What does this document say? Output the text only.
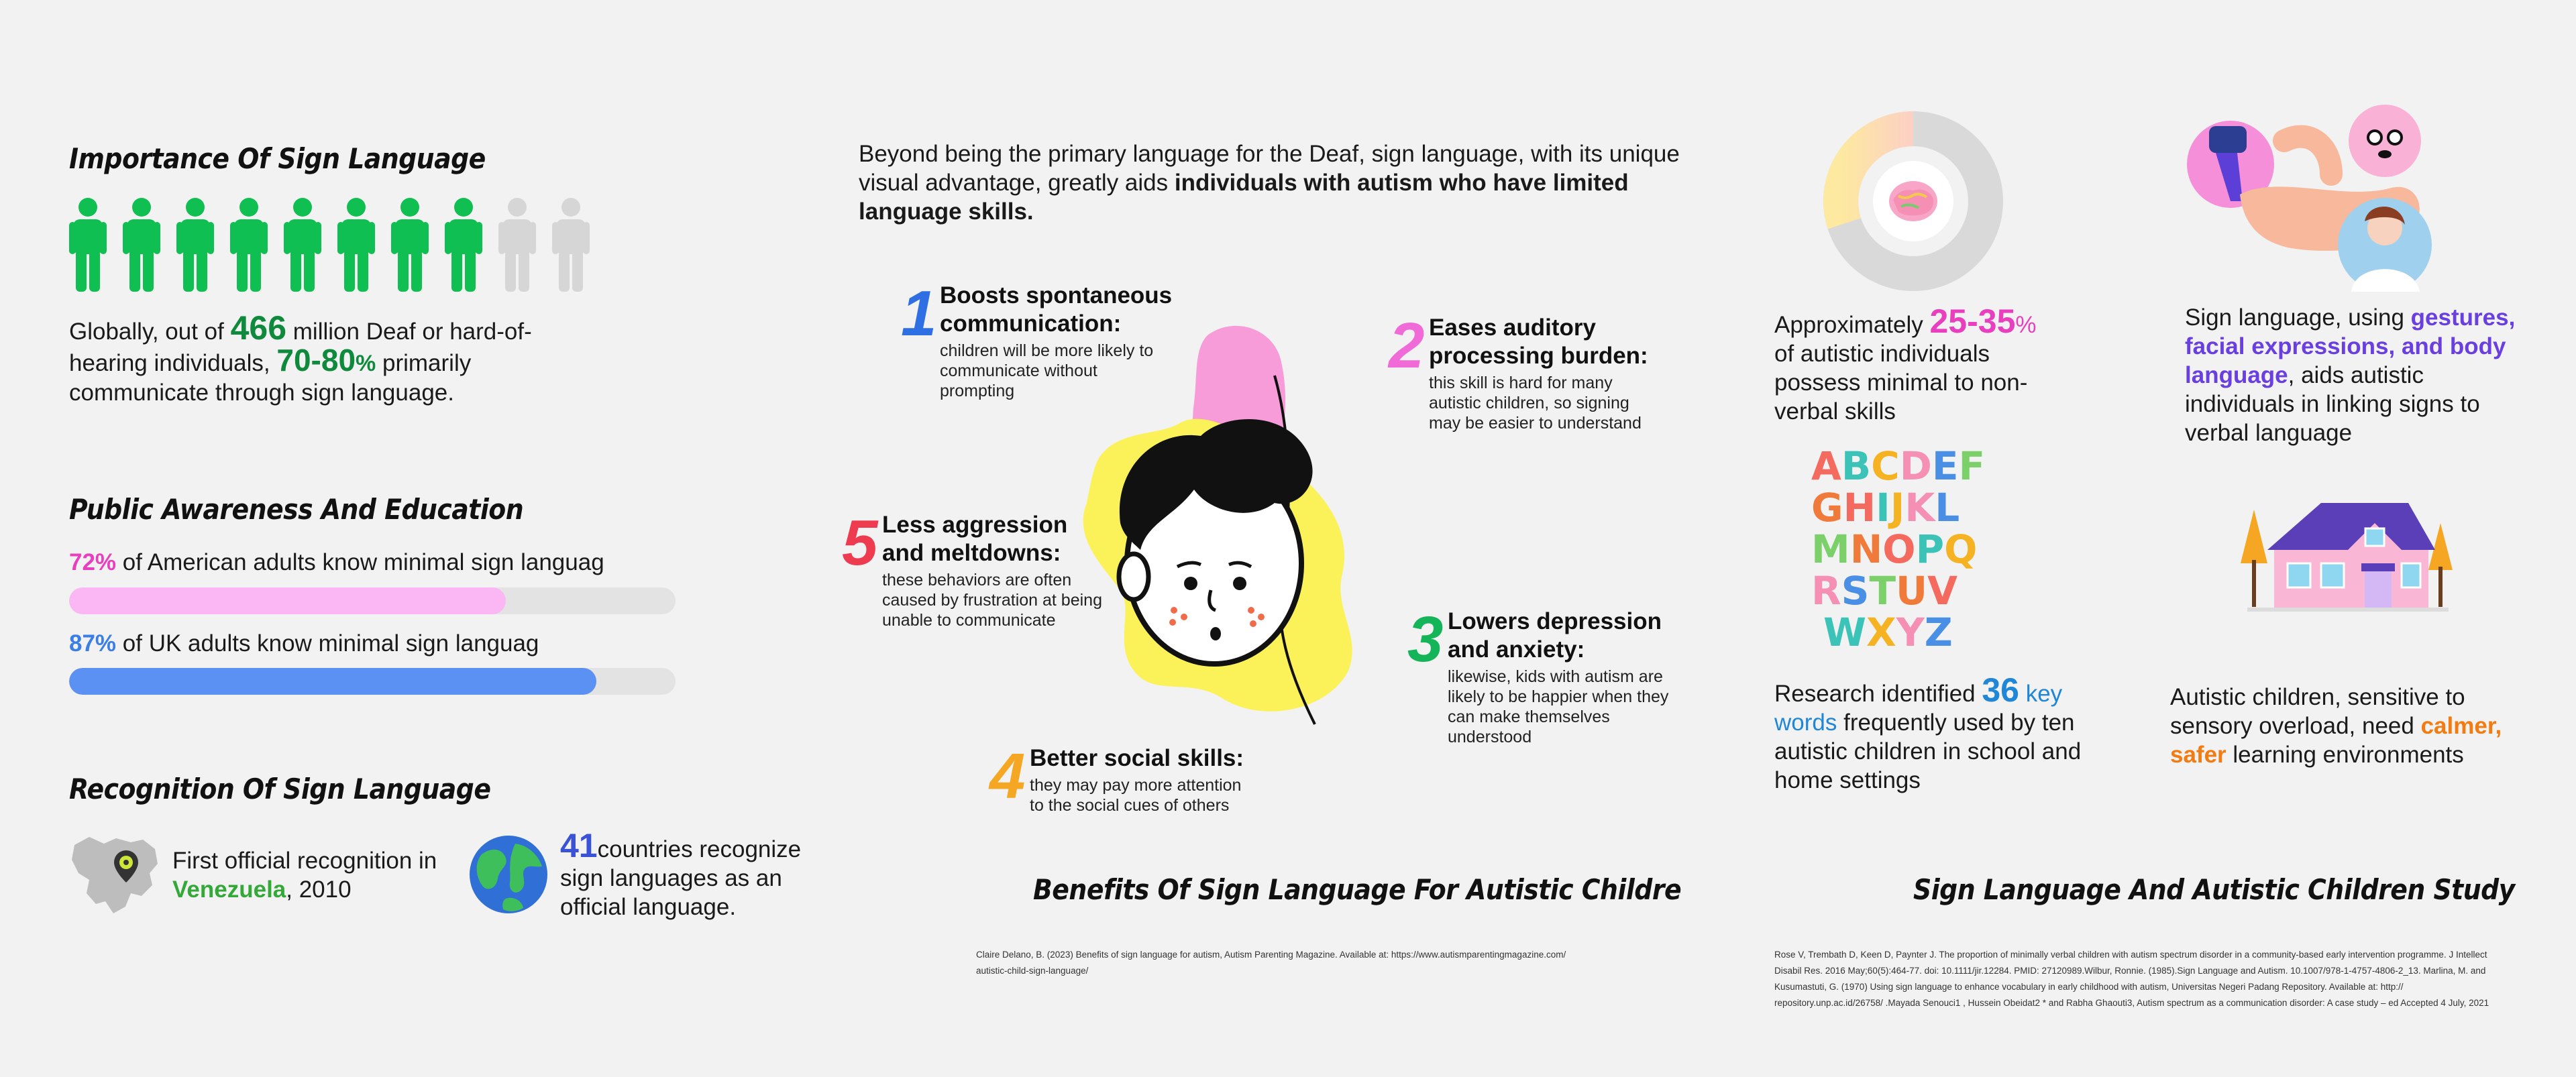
Importance Of Sign Language
Globally, out of 466 million Deaf or hard-of-hearing individuals, 70-80% primarily communicate through sign language.
Public Awareness And Education
72% of American adults know minimal sign languag
87% of UK adults know minimal sign languag
Recognition Of Sign Language
First official recognition in Venezuela, 2010
41countries recognize sign languages as an official language.
Beyond being the primary language for the Deaf, sign language, with its unique visual advantage, greatly aids individuals with autism who have limited language skills.
1 Boosts spontaneous communication:
children will be more likely to communicate without prompting
2 Eases auditory processing burden:
this skill is hard for many autistic children, so signing may be easier to understand
5 Less aggression and meltdowns:
these behaviors are often caused by frustration at being unable to communicate	3 Lowers depression and anxiety:
likewise, kids with autism are likely to be happier when they can make themselves understood
4 Better social skills:
they may pay more attention to the social cues of others
Benefits Of Sign Language For Autistic Childre
Claire Delano, B. (2023) Benefits of sign language for autism, Autism Parenting Magazine. Available at: https://www.autismparentingmagazine.com/ autistic-child-sign-language/
Approximately 25-35% of autistic individuals possess minimal to non-verbal skills
ABCDEF
GHIJKL
MNOPQ
RSTUV
WXYZ
Research identified 36 key words frequently used by ten autistic children in school and home settings
Sign language, using gestures, facial expressions, and body language, aids autistic individuals in linking signs to verbal language
Autistic children, sensitive to sensory overload, need calmer, safer learning environments
Sign Language And Autistic Children Study
Rose V, Trembath D, Keen D, Paynter J. The proportion of minimally verbal children with autism spectrum disorder in a community-based early intervention programme. J Intellect Disabil Res. 2016 May;60(5):464-77. doi: 10.1111/jir.12284. PMID: 27120989.Wilbur, Ronnie. (1985).Sign Language and Autism. 10.1007/978-1-4757-4806-2_13. Marlina, M. and Kusumastuti, G. (1970) Using sign language to enhance vocabulary in early childhood with autism, Universitas Negeri Padang Repository. Available at: http:// repository.unp.ac.id/26758/ .Mayada Senouci1 , Hussein Obeidat2 * and Rabha Ghaouti3, Autism spectrum as a communication disorder: A case study – ed Accepted 4 July, 2021
